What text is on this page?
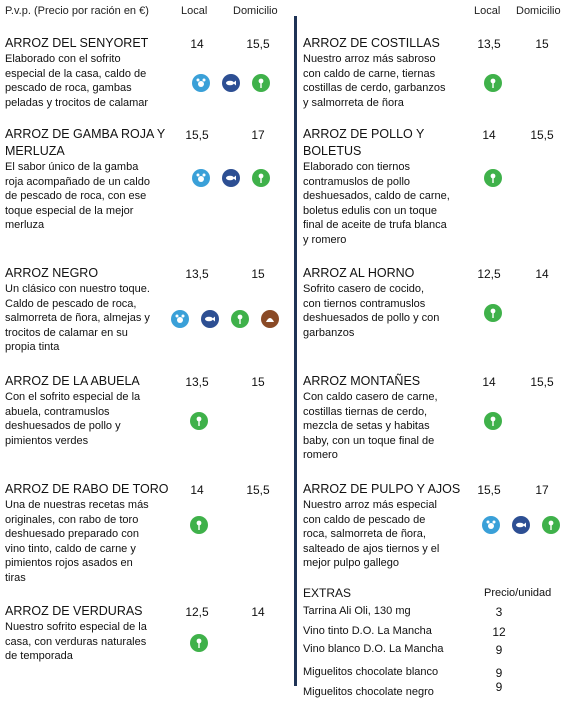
P.v.p. (Precio por ración en €)	Local Domicilio	Local Domicilio
ARROZ DEL SENYORET	14	15,5
Elaborado con el sofrito
especial de la casa, caldo de
pescado de roca, gambas
peladas y trocitos de calamar
ARROZ DE GAMBA ROJA Y
MERLUZA
15,5	17
El sabor único de la gamba
roja acompañado de un caldo
de pescado de roca, con ese
toque especial de la mejor
merluza
ARROZ NEGRO	13,5	15
Un clásico con nuestro toque.
Caldo de pescado de roca,
salmorreta de ñora, almejas y
trocitos de calamar en su
propia tinta
ARROZ DE LA ABUELA	13,5	15
Con el sofrito especial de la
abuela, contramuslos
deshuesados de pollo y
pimientos verdes
ARROZ DE RABO DE TORO	14	15,5
Una de nuestras recetas más
originales, con rabo de toro
deshuesado preparado con
vino tinto, caldo de carne y
pimientos rojos asados en
tiras
ARROZ DE VERDURAS	12,5	14
Nuestro sofrito especial de la
casa, con verduras naturales
de temporada
ARROZ DE COSTILLAS	13,5	15
Nuestro arroz más sabroso
con caldo de carne, tiernas
costillas de cerdo, garbanzos
y salmorreta de ñora
ARROZ DE POLLO Y
BOLETUS
14	15,5
Elaborado con tiernos
contramuslos de pollo
deshuesados, caldo de carne,
boletus edulis con un toque
final de aceite de trufa blanca
y romero
ARROZ AL HORNO	12,5	14
Sofrito casero de cocido,
con tiernos contramuslos
deshuesados de pollo y con
garbanzos
ARROZ MONTAÑES	14	15,5
Con caldo casero de carne,
costillas tiernas de cerdo,
mezcla de setas y habitas
baby, con un toque final de
romero
ARROZ DE PULPO Y AJOS	15,5	17
Nuestro arroz más especial
con caldo de pescado de
roca, salmorreta de ñora,
salteado de ajos tiernos y el
mejor pulpo gallego
EXTRAS	Precio/unidad
Tarrina Ali Oli, 130 mg	3
Vino tinto D.O. La Mancha	12
Vino blanco D.O. La Mancha	9
Miguelitos chocolate blanco	9
Miguelitos chocolate negro	9
